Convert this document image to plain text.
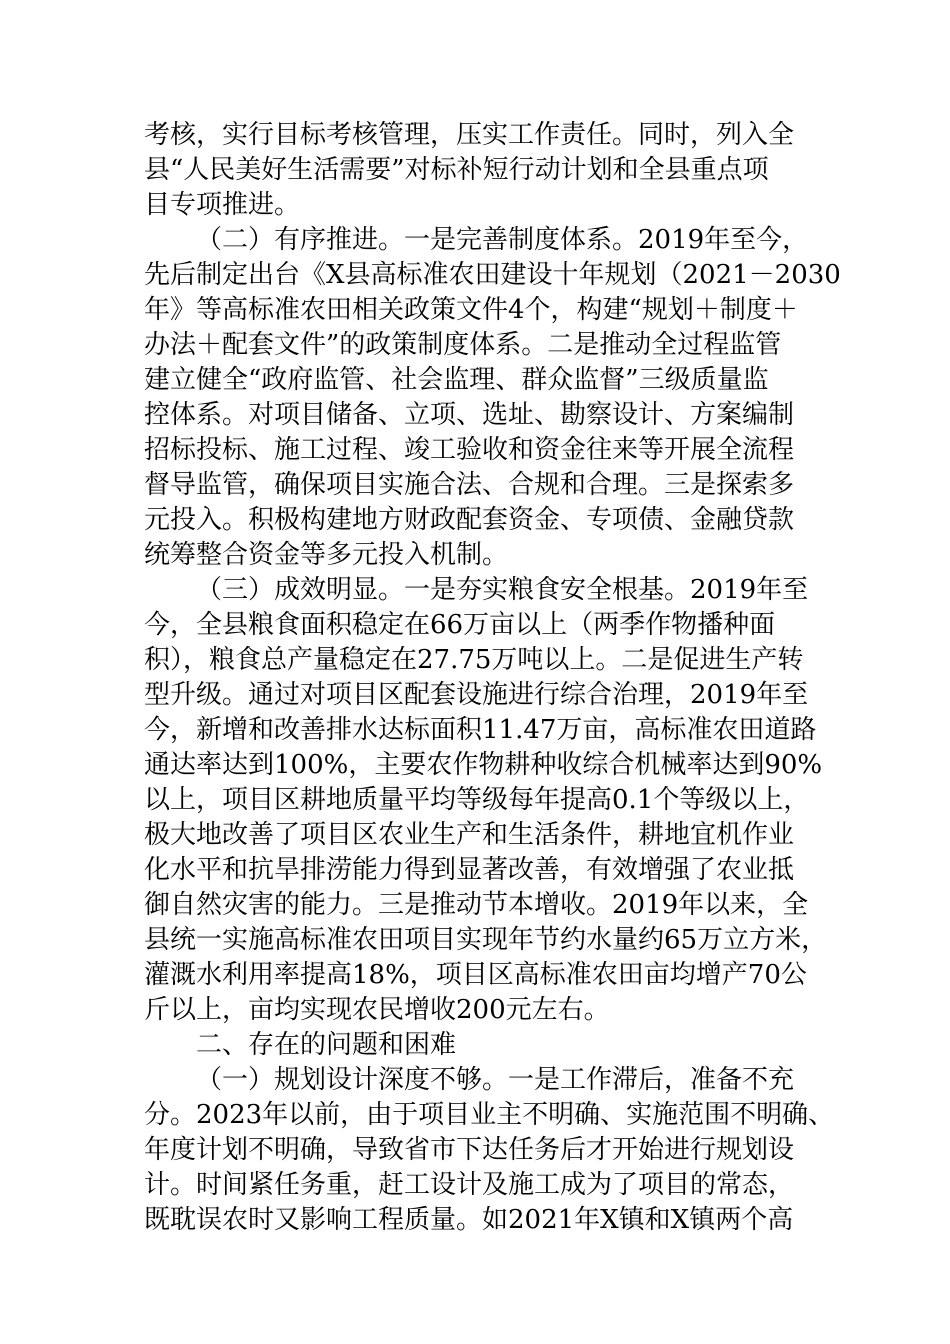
考核，实行目标考核管理，压实工作责任。同时，列入全
县“人民美好生活需要”对标补短行动计划和全县重点项
目专项推进。
（二）有序推进。一是完善制度体系。2019年至今，
先后制定出台《X县高标准农田建设十年规划（2021－2030
年》等高标准农田相关政策文件4个，构建“规划＋制度＋
办法＋配套文件”的政策制度体系。二是推动全过程监管
建立健全“政府监管、社会监理、群众监督”三级质量监
控体系。对项目储备、立项、选址、勘察设计、方案编制
招标投标、施工过程、竣工验收和资金往来等开展全流程
督导监管，确保项目实施合法、合规和合理。三是探索多
元投入。积极构建地方财政配套资金、专项债、金融贷款
统筹整合资金等多元投入机制。
（三）成效明显。一是夯实粮食安全根基。2019年至
今，全县粮食面积稳定在66万亩以上（两季作物播种面
积），粮食总产量稳定在27.75万吨以上。二是促进生产转
型升级。通过对项目区配套设施进行综合治理，2019年至
今，新增和改善排水达标面积11.47万亩，高标准农田道路
通达率达到100%，主要农作物耕种收综合机械率达到90%
以上，项目区耕地质量平均等级每年提高0.1个等级以上，
极大地改善了项目区农业生产和生活条件，耕地宜机作业
化水平和抗旱排涝能力得到显著改善，有效增强了农业抵
御自然灾害的能力。三是推动节本增收。2019年以来，全
县统一实施高标准农田项目实现年节约水量约65万立方米，
灌溉水利用率提高18%，项目区高标准农田亩均增产70公
斤以上，亩均实现农民增收200元左右。
二、存在的问题和困难
（一）规划设计深度不够。一是工作滞后，准备不充
分。2023年以前，由于项目业主不明确、实施范围不明确、
年度计划不明确，导致省市下达任务后才开始进行规划设
计。时间紧任务重，赶工设计及施工成为了项目的常态，
既耽误农时又影响工程质量。如2021年X镇和X镇两个高
